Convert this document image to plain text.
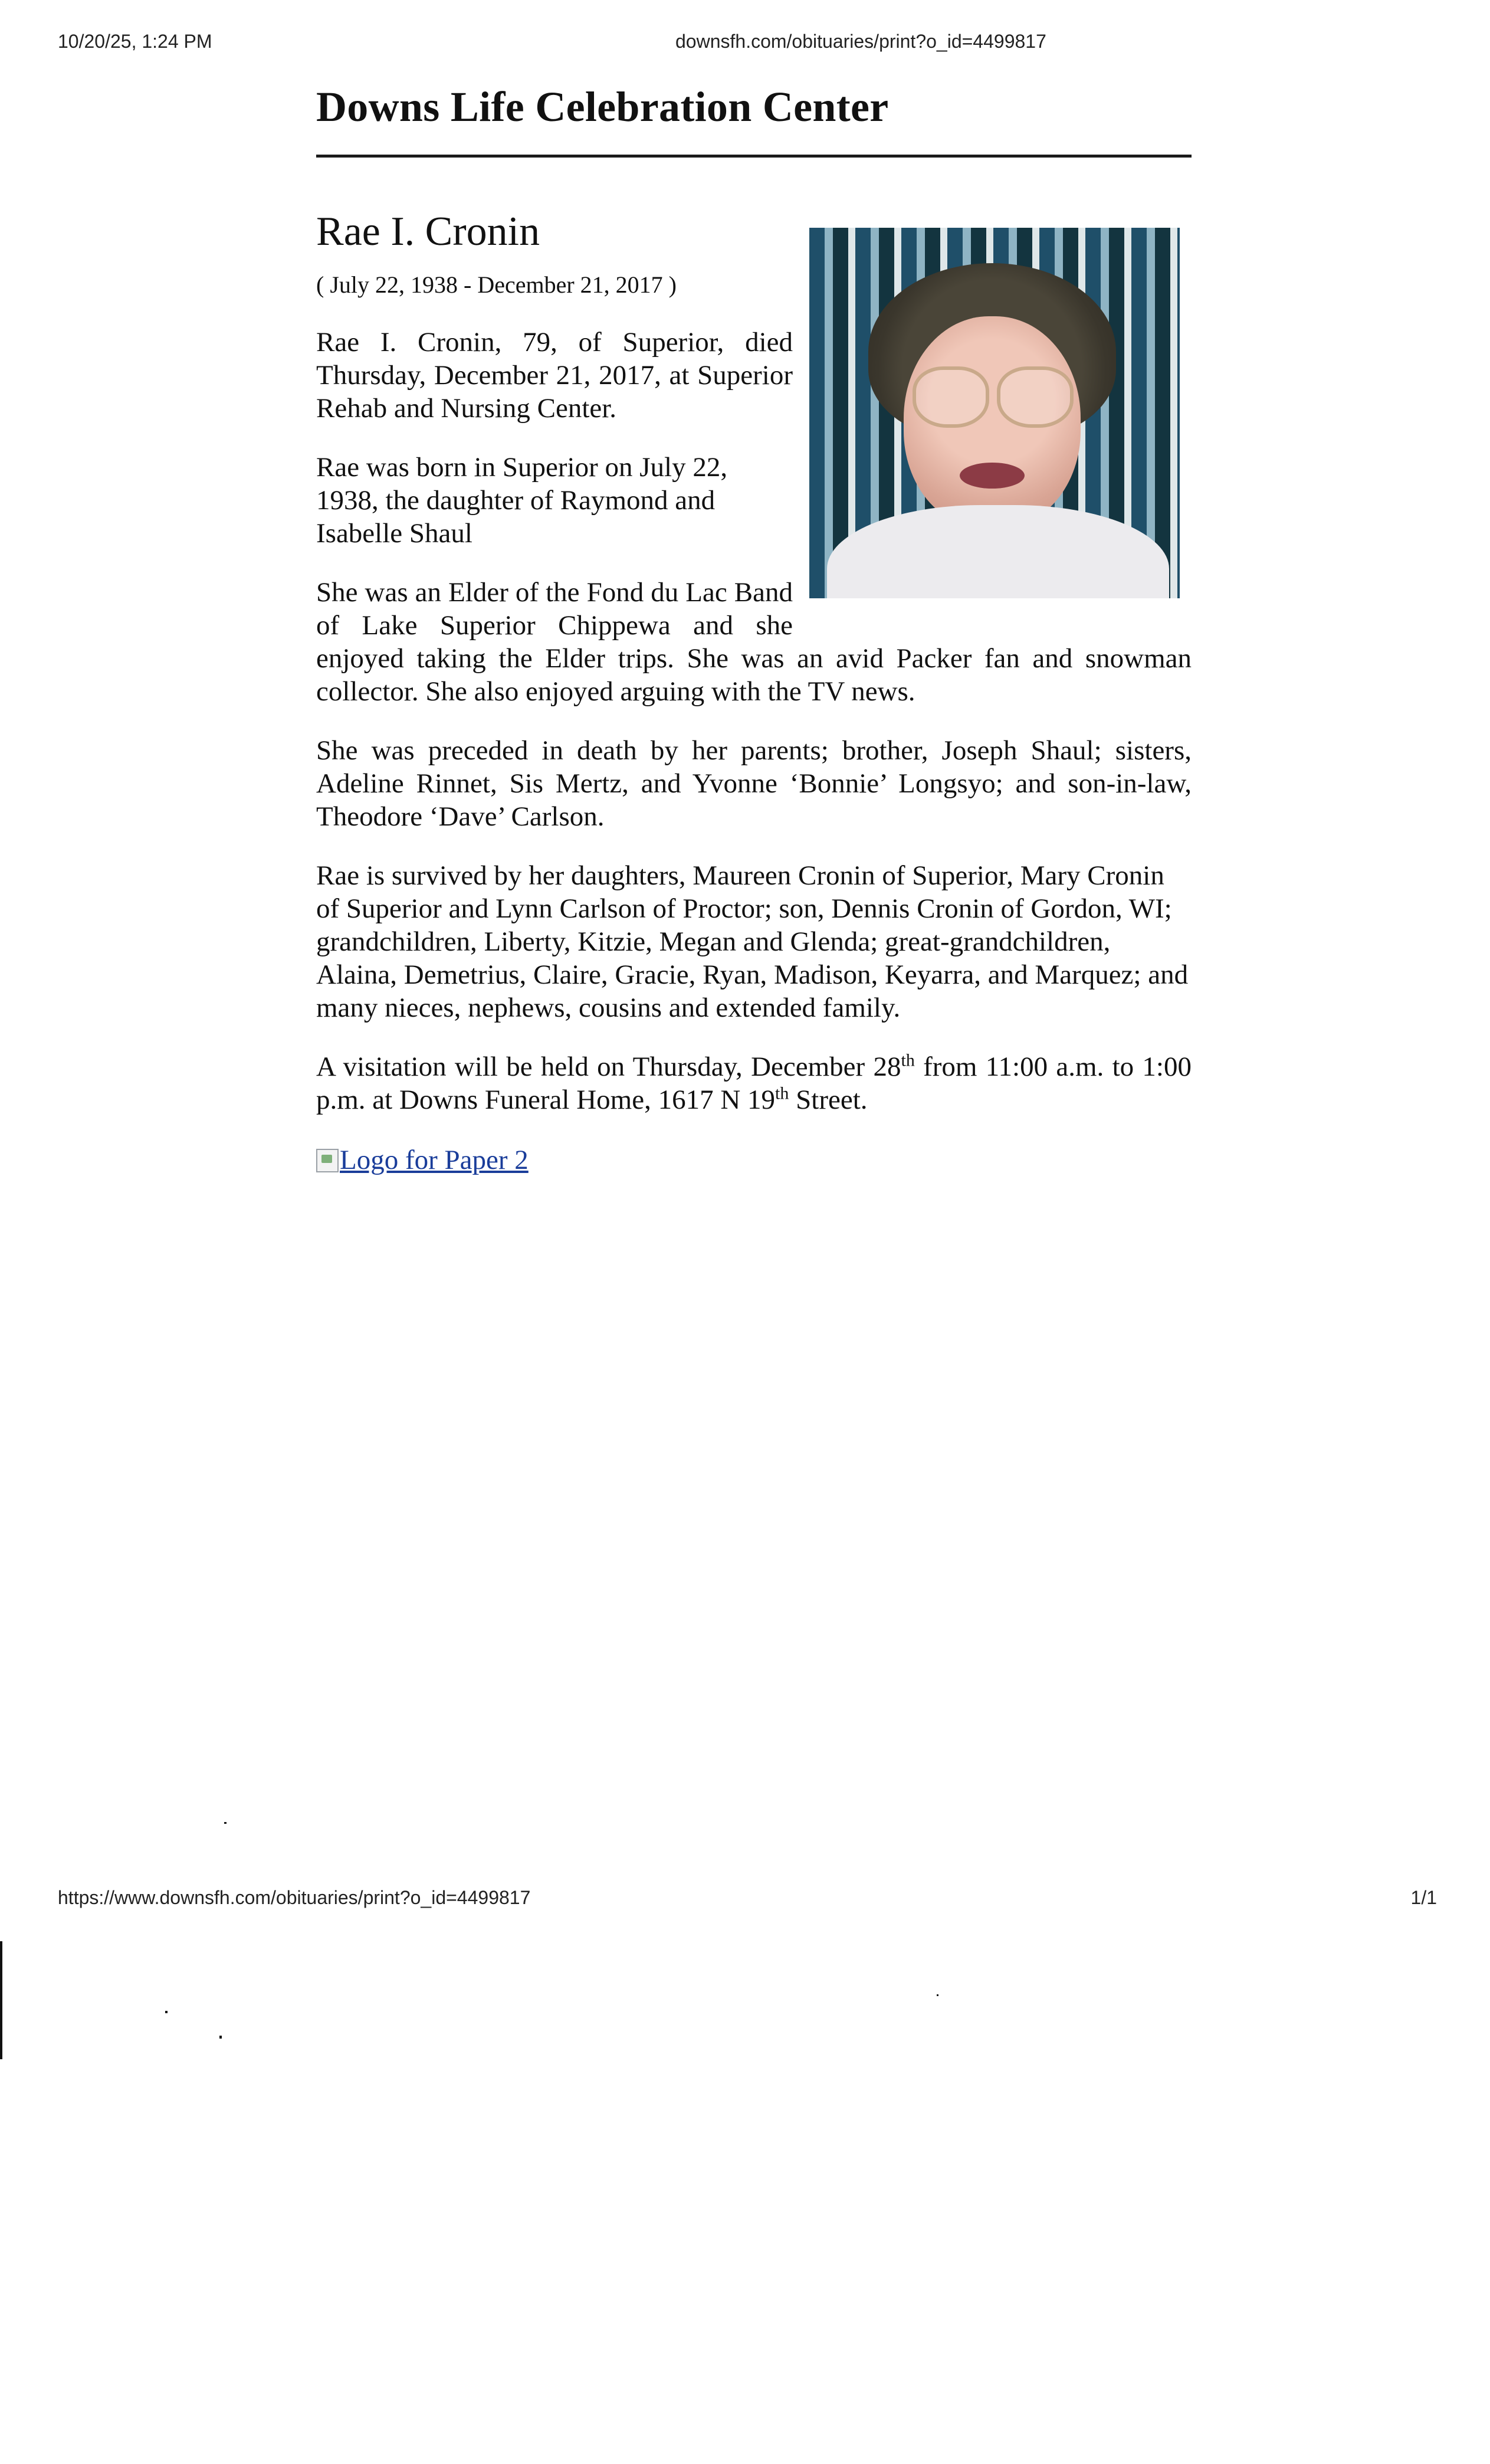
10/20/25, 1:24 PM	downsfh.com/obituaries/print?o_id=4499817
Downs Life Celebration Center
Rae I. Cronin

( July 22, 1938 - December 21, 2017 )

Rae I. Cronin, 79, of Superior, died Thursday, December 21, 2017, at Superior Rehab and Nursing Center.

Rae was born in Superior on July 22, 1938, the daughter of Raymond and Isabelle Shaul

She was an Elder of the Fond du Lac Band of Lake Superior Chippewa and she enjoyed taking the Elder trips. She was an avid Packer fan and snowman collector. She also enjoyed arguing with the TV news.

She was preceded in death by her parents; brother, Joseph Shaul; sisters, Adeline Rinnet, Sis Mertz, and Yvonne ‘Bonnie’ Longsyo; and son-in-law, Theodore ‘Dave’ Carlson.

Rae is survived by her daughters, Maureen Cronin of Superior, Mary Cronin of Superior and Lynn Carlson of Proctor; son, Dennis Cronin of Gordon, WI; grandchildren, Liberty, Kitzie, Megan and Glenda; great-grandchildren, Alaina, Demetrius, Claire, Gracie, Ryan, Madison, Keyarra, and Marquez; and many nieces, nephews, cousins and extended family.

A visitation will be held on Thursday, December 28th from 11:00 a.m. to 1:00 p.m. at Downs Funeral Home, 1617 N 19th Street.

Logo for Paper 2
https://www.downsfh.com/obituaries/print?o_id=4499817	1/1
